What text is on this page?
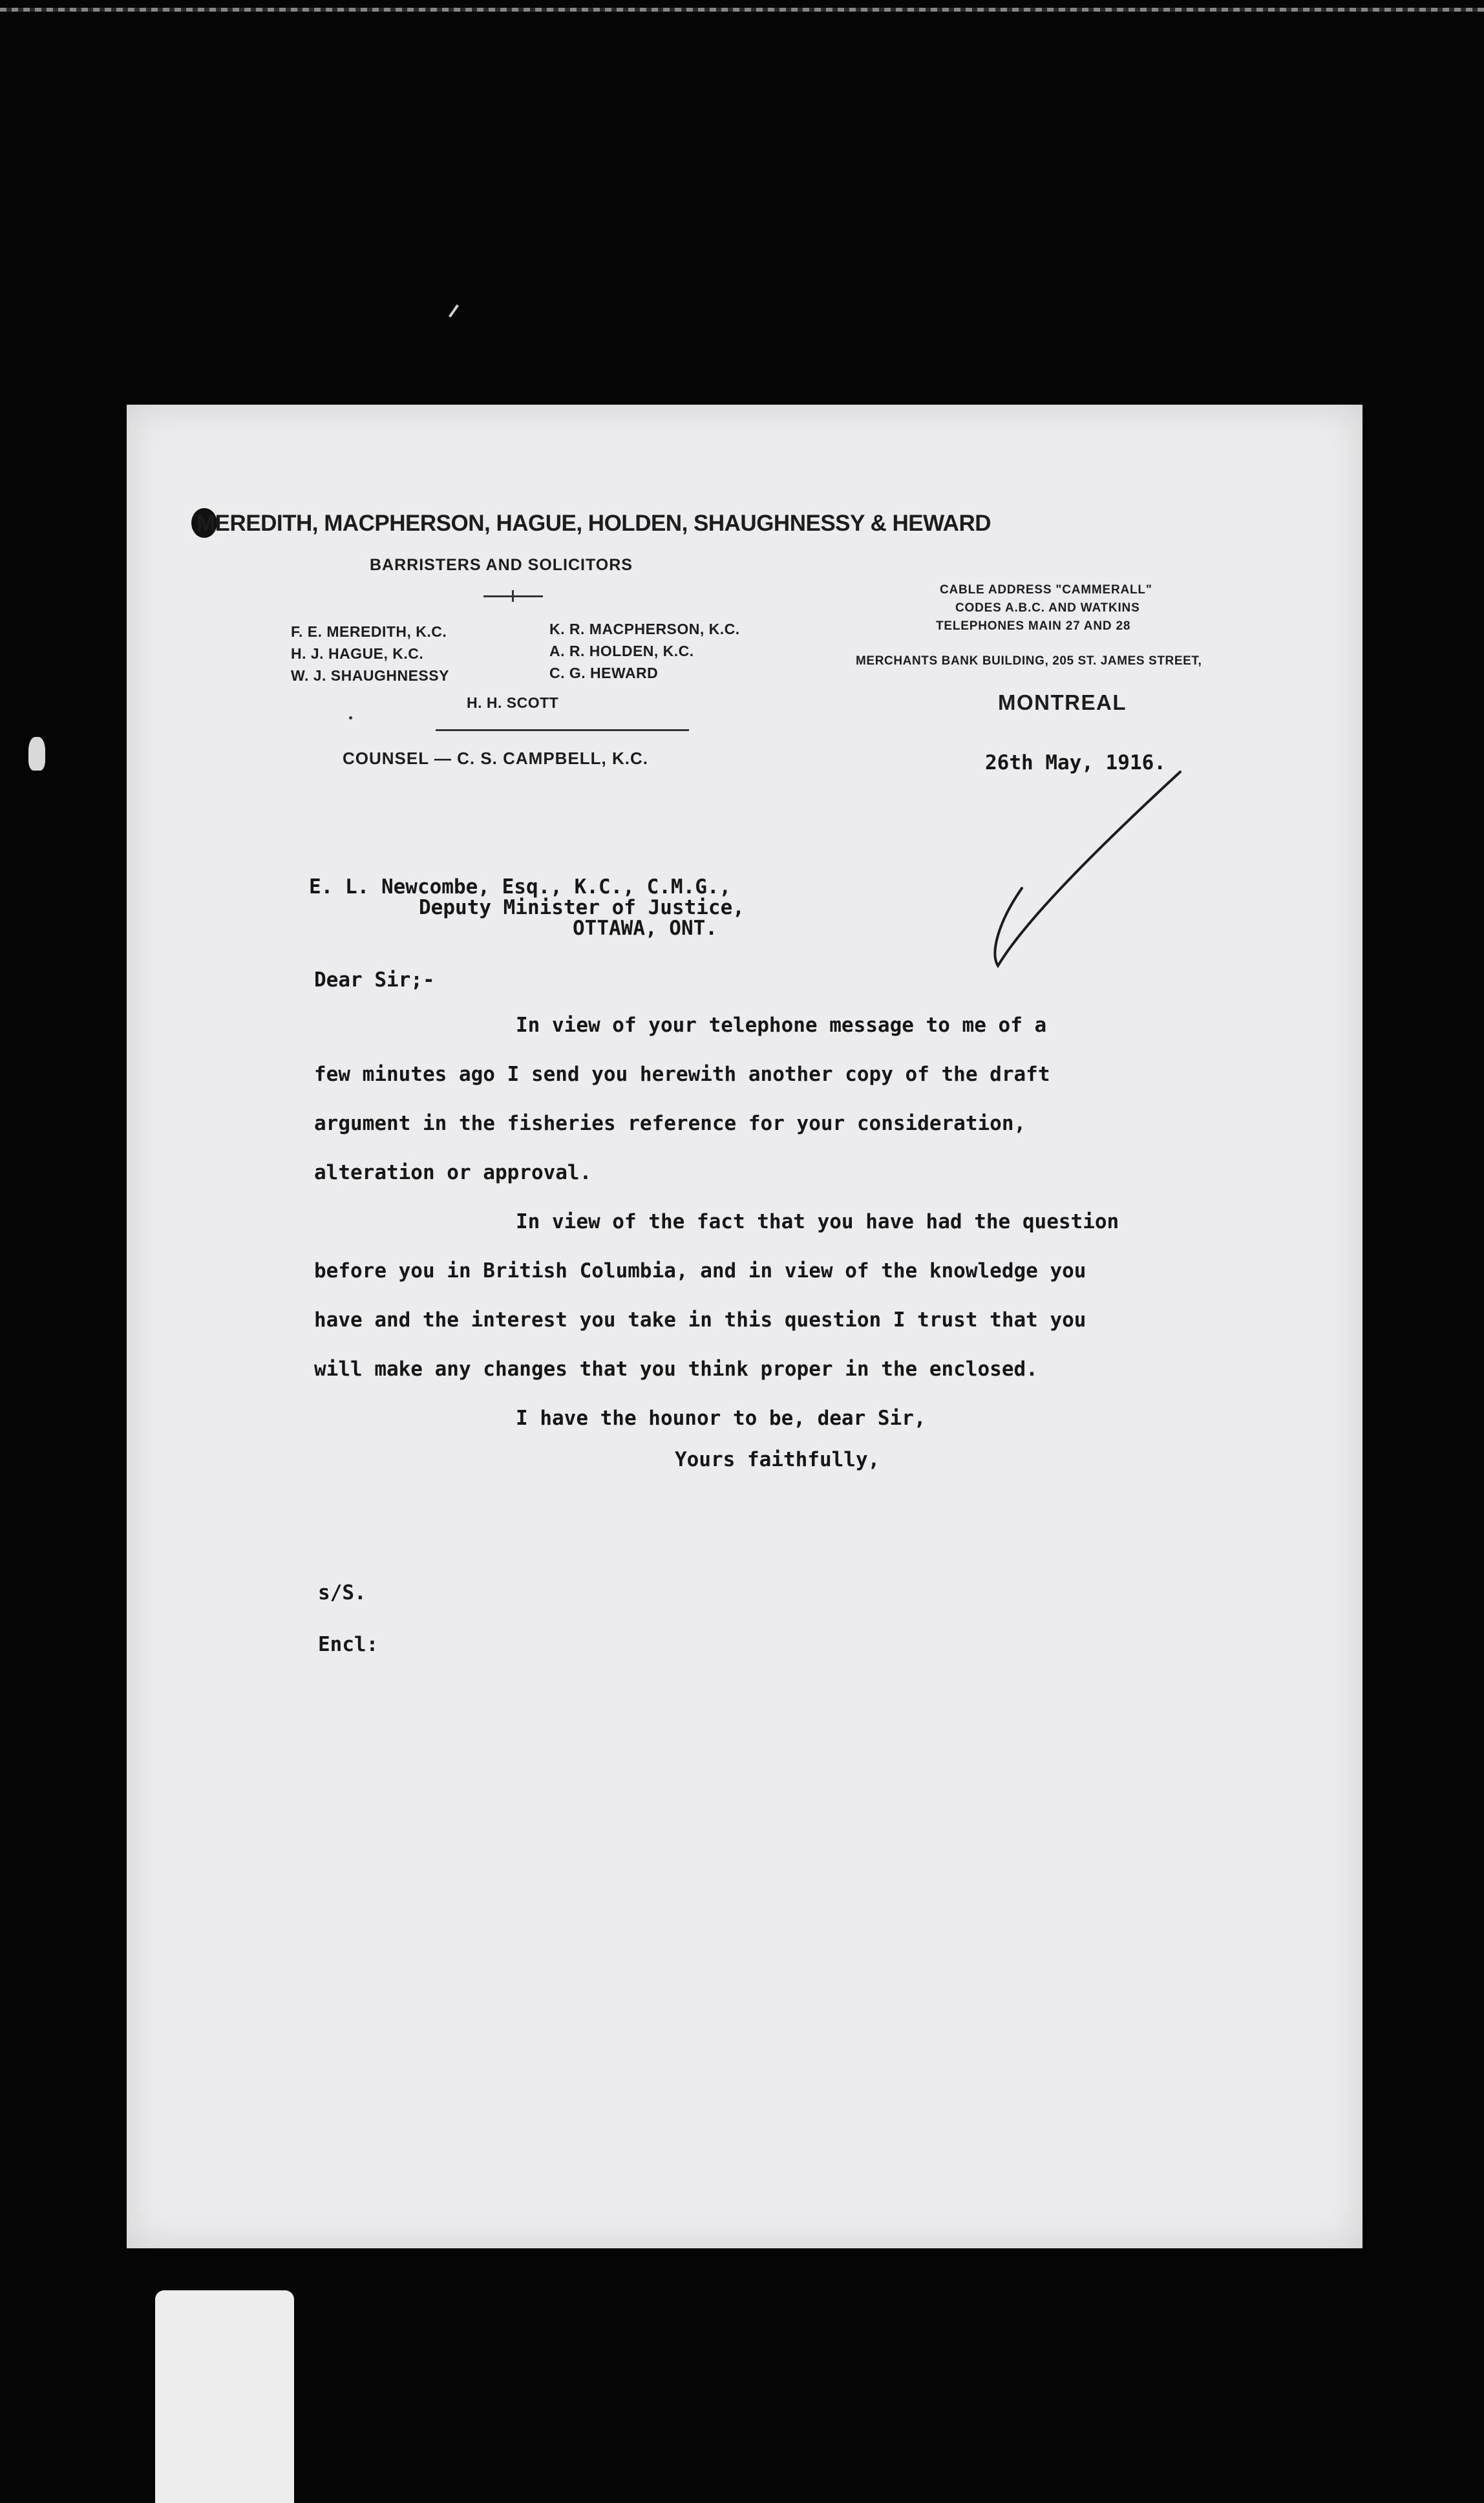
MEREDITH, MACPHERSON, HAGUE, HOLDEN, SHAUGHNESSY & HEWARD
BARRISTERS AND SOLICITORS
F. E. MEREDITH, K.C.
H. J. HAGUE, K.C.
W. J. SHAUGHNESSY
K. R. MACPHERSON, K.C.
A. R. HOLDEN, K.C.
C. G. HEWARD
H. H. SCOTT
COUNSEL — C. S. CAMPBELL, K.C.
CABLE ADDRESS "CAMMERALL"
CODES A.B.C. AND WATKINS
TELEPHONES MAIN 27 AND 28
MERCHANTS BANK BUILDING, 205 ST. JAMES STREET,
MONTREAL
26th May, 1916.
E. L. Newcombe, Esq., K.C., C.M.G.,
Deputy Minister of Justice,
OTTAWA, ONT.
Dear Sir;-
In view of your telephone message to me of a
few minutes ago I send you herewith another copy of the draft
argument in the fisheries reference for your consideration,
alteration or approval.
In view of the fact that you have had the question
before you in British Columbia, and in view of the knowledge you
have and the interest you take in this question I trust that you
will make any changes that you think proper in the enclosed.
I have the hounor to be, dear Sir,
Yours faithfully,
s/S.
Encl:
